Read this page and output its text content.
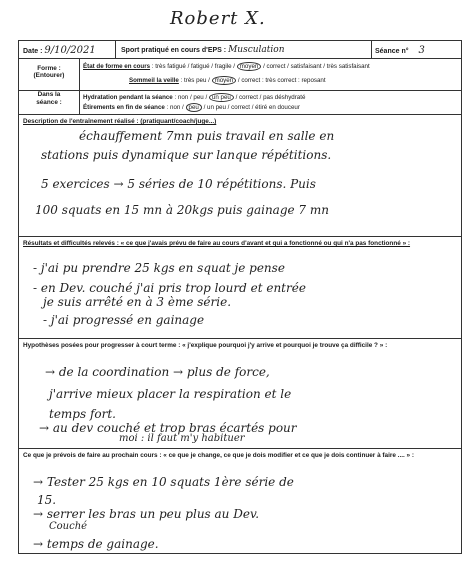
Robert X.
Date : 9/10/2021	Sport pratiqué en cours d'EPS : Musculation	Séance n° 3
Forme :
(Entourer)
État de forme en cours : très fatigué / fatigué / fragile / moyen / correct / satisfaisant / très satisfaisant
Sommeil la veille : très peu / moyen / correct : très correct : reposant
Dans la
séance :
Hydratation pendant la séance : non / peu / un peu / correct / pas déshydraté
Étirements en fin de séance : non / peu / un peu / correct / étiré en douceur
Description de l'entraînement réalisé : (pratiquant/coach/juge...)
échauffement 7mn puis travail en salle en
stations puis dynamique sur lanque répétitions.
5 exercices → 5 séries de 10 répétitions. Puis
100 squats en 15 mn à 20kgs puis gainage 7 mn
Résultats et difficultés relevés : « ce que j'avais prévu de faire au cours d'avant et qui a fonctionné ou qui n'a pas fonctionné » :
- j'ai pu prendre 25 kgs en squat je pense
- en Dev. couché j'ai pris trop lourd et entrée
je suis arrêté en à 3 ème série.
- j'ai progressé en gainage
Hypothèses posées pour progresser à court terme : « j'explique pourquoi j'y arrive et pourquoi je trouve ça difficile ? » :
→ de la coordination → plus de force,
j'arrive mieux placer la respiration et le
temps fort.
→ au dev couché et trop bras écartés pour
moi : il faut m'y habituer
Ce que je prévois de faire au prochain cours : « ce que je change, ce que je dois modifier et ce que je dois continuer à faire .... » :
→ Tester 25 kgs en 10 squats 1ère série de
15.
→ serrer les bras un peu plus au Dev.
Couché
→ temps de gainage.
